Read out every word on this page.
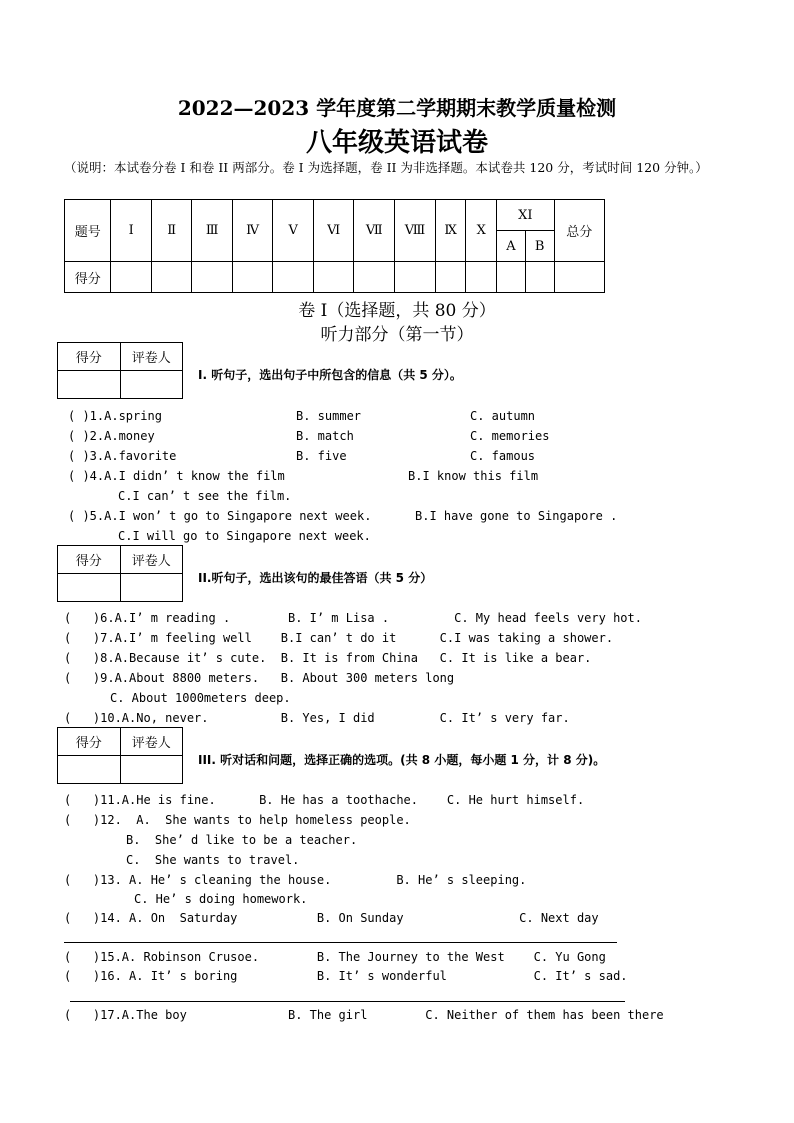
2022—2023 学年度第二学期期末教学质量检测
八年级英语试卷
（说明：本试卷分卷 I 和卷 II 两部分。卷 I 为选择题，卷 II 为非选择题。本试卷共 120 分，考试时间 120 分钟。）
题号	I	Ⅱ	Ⅲ	Ⅳ	V	Ⅵ	Ⅶ	Ⅷ	Ⅸ	X	XI		总分
											A	B	
得分													
卷 I（选择题，共 80 分）
听力部分（第一节）
得分	评卷人

I. 听句子，选出句子中所包含的信息（共 5 分）。
( )1.A.spring	B. summer	C. autumn
( )2.A.money	B. match	C. memories
( )3.A.favorite	B. five	C. famous
( )4.A.I didn’ t know the film	B.I know this film
C.I can’ t see the film.
( )5.A.I won’ t go to Singapore next week.	B.I have gone to Singapore .
C.I will go to Singapore next week.
得分	评卷人

II.听句子，选出该句的最佳答语（共 5 分）
(   )6.A.I’ m reading .        B. I’ m Lisa .         C. My head feels very hot.
(   )7.A.I’ m feeling well    B.I can’ t do it      C.I was taking a shower.
(   )8.A.Because it’ s cute.  B. It is from China   C. It is like a bear.
(   )9.A.About 8800 meters.   B. About 300 meters long
C. About 1000meters deep.
(   )10.A.No, never.          B. Yes, I did         C. It’ s very far.
得分	评卷人

III. 听对话和问题，选择正确的选项。(共 8 小题，每小题 1 分，计 8 分)。
(   )11.A.He is fine.      B. He has a toothache.    C. He hurt himself.
(   )12.  A.  She wants to help homeless people.
B.  She’ d like to be a teacher.
C.  She wants to travel.
(   )13. A. He’ s cleaning the house.         B. He’ s sleeping.
C. He’ s doing homework.
(   )14. A. On  Saturday           B. On Sunday                C. Next day
(   )15.A. Robinson Crusoe.        B. The Journey to the West    C. Yu Gong
(   )16. A. It’ s boring           B. It’ s wonderful            C. It’ s sad.
(   )17.A.The boy              B. The girl        C. Neither of them has been there
